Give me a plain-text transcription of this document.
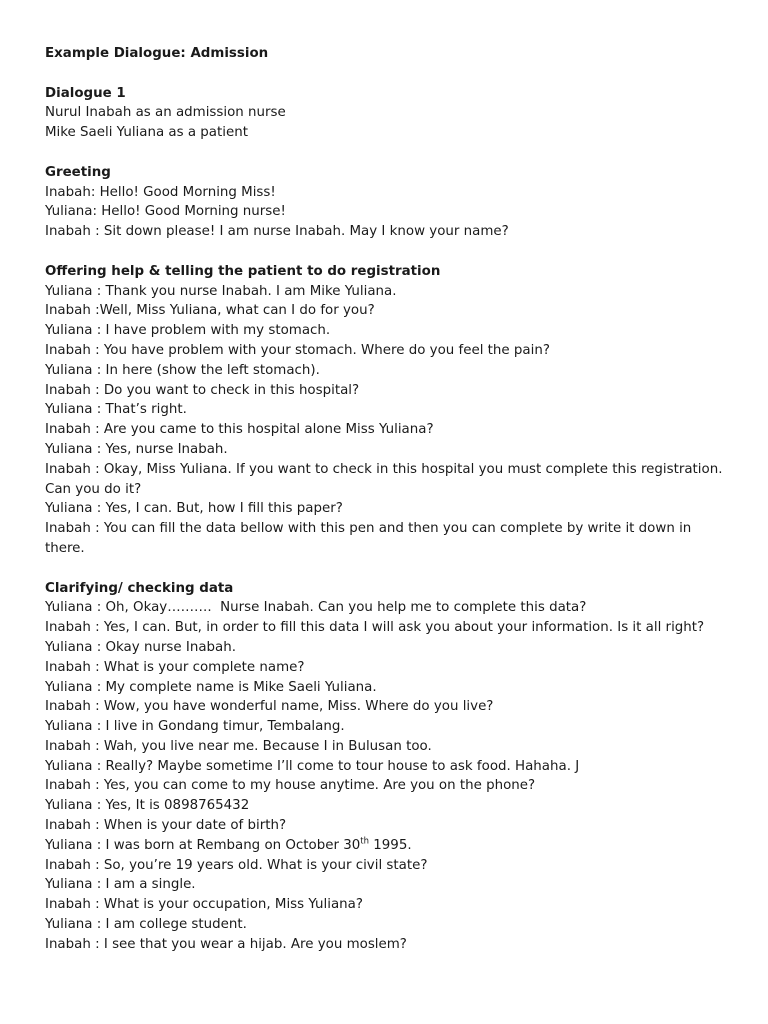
Example Dialogue: Admission

Dialogue 1

Nurul Inabah as an admission nurse

Mike Saeli Yuliana as a patient

Greeting

Inabah: Hello! Good Morning Miss!

Yuliana: Hello! Good Morning nurse!

Inabah : Sit down please! I am nurse Inabah. May I know your name?

Offering help & telling the patient to do registration

Yuliana : Thank you nurse Inabah. I am Mike Yuliana.

Inabah :Well, Miss Yuliana, what can I do for you?

Yuliana : I have problem with my stomach.

Inabah : You have problem with your stomach. Where do you feel the pain?

Yuliana : In here (show the left stomach).

Inabah : Do you want to check in this hospital?

Yuliana : That’s right.

Inabah : Are you came to this hospital alone Miss Yuliana?

Yuliana : Yes, nurse Inabah.

Inabah : Okay, Miss Yuliana. If you want to check in this hospital you must complete this registration. Can you do it?

Yuliana : Yes, I can. But, how I fill this paper?

Inabah : You can fill the data bellow with this pen and then you can complete by write it down in there.

Clarifying/ checking data

Yuliana : Oh, Okay……….  Nurse Inabah. Can you help me to complete this data?

Inabah : Yes, I can. But, in order to fill this data I will ask you about your information. Is it all right?

Yuliana : Okay nurse Inabah.

Inabah : What is your complete name?

Yuliana : My complete name is Mike Saeli Yuliana.

Inabah : Wow, you have wonderful name, Miss. Where do you live?

Yuliana : I live in Gondang timur, Tembalang.

Inabah : Wah, you live near me. Because I in Bulusan too.

Yuliana : Really? Maybe sometime I’ll come to tour house to ask food. Hahaha. J

Inabah : Yes, you can come to my house anytime. Are you on the phone?

Yuliana : Yes, It is 0898765432

Inabah : When is your date of birth?

Yuliana : I was born at Rembang on October 30th 1995.

Inabah : So, you’re 19 years old. What is your civil state?

Yuliana : I am a single.

Inabah : What is your occupation, Miss Yuliana?

Yuliana : I am college student.

Inabah : I see that you wear a hijab. Are you moslem?
